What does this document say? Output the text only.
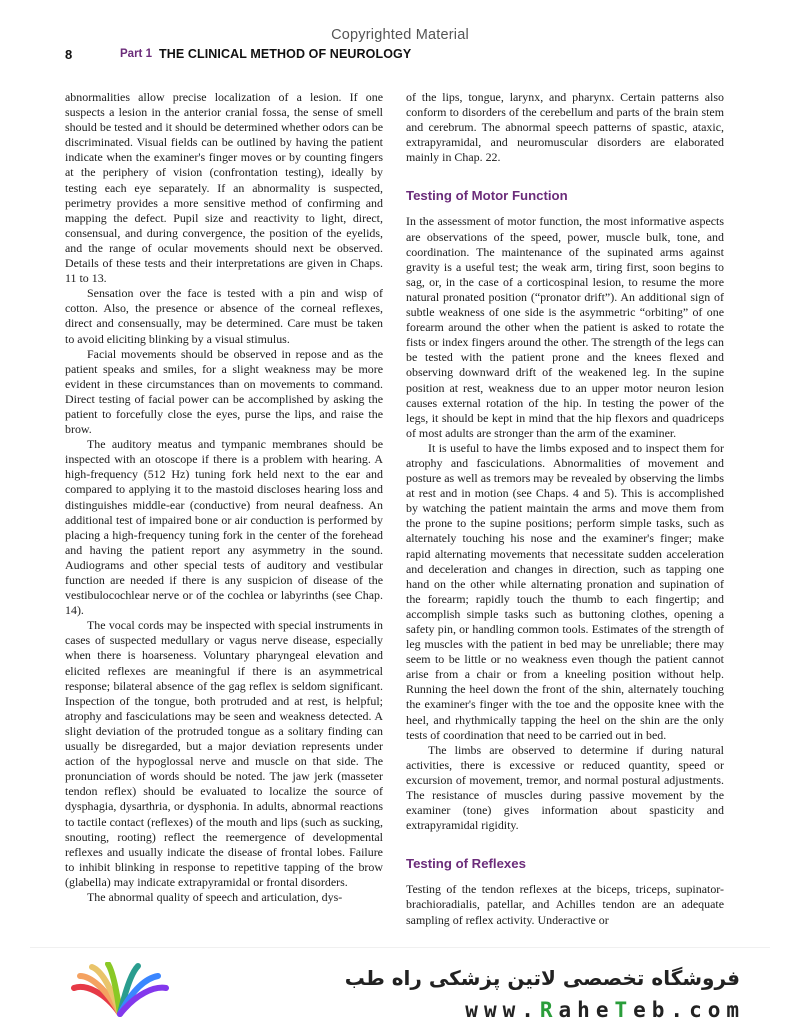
Copyrighted Material
8	Part 1 THE CLINICAL METHOD OF NEUROLOGY

abnormalities allow precise localization of a lesion. If one suspects a lesion in the anterior cranial fossa, the sense of smell should be tested and it should be determined whether odors can be discriminated. Visual fields can be outlined by having the patient indicate when the examiner's finger moves or by counting fingers at the periphery of vision (confrontation testing), ideally by testing each eye separately. If an abnormality is suspected, perimetry provides a more sensitive method of confirming and mapping the defect. Pupil size and reactivity to light, direct, consensual, and during convergence, the position of the eyelids, and the range of ocular movements should next be observed. Details of these tests and their interpretations are given in Chaps. 11 to 13.

Sensation over the face is tested with a pin and wisp of cotton. Also, the presence or absence of the corneal reflexes, direct and consensually, may be determined. Care must be taken to avoid eliciting blinking by a visual stimulus.

Facial movements should be observed in repose and as the patient speaks and smiles, for a slight weakness may be more evident in these circumstances than on movements to command. Direct testing of facial power can be accomplished by asking the patient to forcefully close the eyes, purse the lips, and raise the brow.

The auditory meatus and tympanic membranes should be inspected with an otoscope if there is a problem with hearing. A high-frequency (512 Hz) tuning fork held next to the ear and compared to applying it to the mastoid discloses hearing loss and distinguishes middle-ear (conductive) from neural deafness. An additional test of impaired bone or air conduction is performed by placing a high-frequency tuning fork in the center of the forehead and having the patient report any asymmetry in the sound. Audiograms and other special tests of auditory and vestibular function are needed if there is any suspicion of disease of the vestibulocochlear nerve or of the cochlea or labyrinths (see Chap. 14).

The vocal cords may be inspected with special instruments in cases of suspected medullary or vagus nerve disease, especially when there is hoarseness. Voluntary pharyngeal elevation and elicited reflexes are meaningful if there is an asymmetrical response; bilateral absence of the gag reflex is seldom significant. Inspection of the tongue, both protruded and at rest, is helpful; atrophy and fasciculations may be seen and weakness detected. A slight deviation of the protruded tongue as a solitary finding can usually be disregarded, but a major deviation represents under action of the hypoglossal nerve and muscle on that side. The pronunciation of words should be noted. The jaw jerk (masseter tendon reflex) should be evaluated to localize the source of dysphagia, dysarthria, or dysphonia. In adults, abnormal reactions to tactile contact (reflexes) of the mouth and lips (such as sucking, snouting, rooting) reflect the reemergence of developmental reflexes and usually indicate the disease of frontal lobes. Failure to inhibit blinking in response to repetitive tapping of the brow (glabella) may indicate extrapyramidal or frontal disorders.

The abnormal quality of speech and articulation, dys-

of the lips, tongue, larynx, and pharynx. Certain patterns also conform to disorders of the cerebellum and parts of the brain stem and cerebrum. The abnormal speech patterns of spastic, ataxic, extrapyramidal, and neuromuscular disorders are elaborated mainly in Chap. 22.

Testing of Motor Function

In the assessment of motor function, the most informative aspects are observations of the speed, power, muscle bulk, tone, and coordination. The maintenance of the supinated arms against gravity is a useful test; the weak arm, tiring first, soon begins to sag, or, in the case of a corticospinal lesion, to resume the more natural pronated position (“pronator drift”). An additional sign of subtle weakness of one side is the asymmetric “orbiting” of one forearm around the other when the patient is asked to rotate the fists or index fingers around the other. The strength of the legs can be tested with the patient prone and the knees flexed and observing downward drift of the weakened leg. In the supine position at rest, weakness due to an upper motor neuron lesion causes external rotation of the hip. In testing the power of the legs, it should be kept in mind that the hip flexors and quadriceps of most adults are stronger than the arm of the examiner.

It is useful to have the limbs exposed and to inspect them for atrophy and fasciculations. Abnormalities of movement and posture as well as tremors may be revealed by observing the limbs at rest and in motion (see Chaps. 4 and 5). This is accomplished by watching the patient maintain the arms and move them from the prone to the supine positions; perform simple tasks, such as alternately touching his nose and the examiner's finger; make rapid alternating movements that necessitate sudden acceleration and deceleration and changes in direction, such as tapping one hand on the other while alternating pronation and supination of the forearm; rapidly touch the thumb to each fingertip; and accomplish simple tasks such as buttoning clothes, opening a safety pin, or handling common tools. Estimates of the strength of leg muscles with the patient in bed may be unreliable; there may seem to be little or no weakness even though the patient cannot arise from a chair or from a kneeling position without help. Running the heel down the front of the shin, alternately touching the examiner's finger with the toe and the opposite knee with the heel, and rhythmically tapping the heel on the shin are the only tests of coordination that need to be carried out in bed.

The limbs are observed to determine if during natural activities, there is excessive or reduced quantity, speed or excursion of movement, tremor, and normal postural adjustments. The resistance of muscles during passive movement by the examiner (tone) gives information about spasticity and extrapyramidal rigidity.

Testing of Reflexes

Testing of the tendon reflexes at the biceps, triceps, supinator-brachioradialis, patellar, and Achilles tendon are an adequate sampling of reflex activity. Underactive or

فروشگاه تخصصی لاتین پزشکی راه طب
www.RaheTeb.com
